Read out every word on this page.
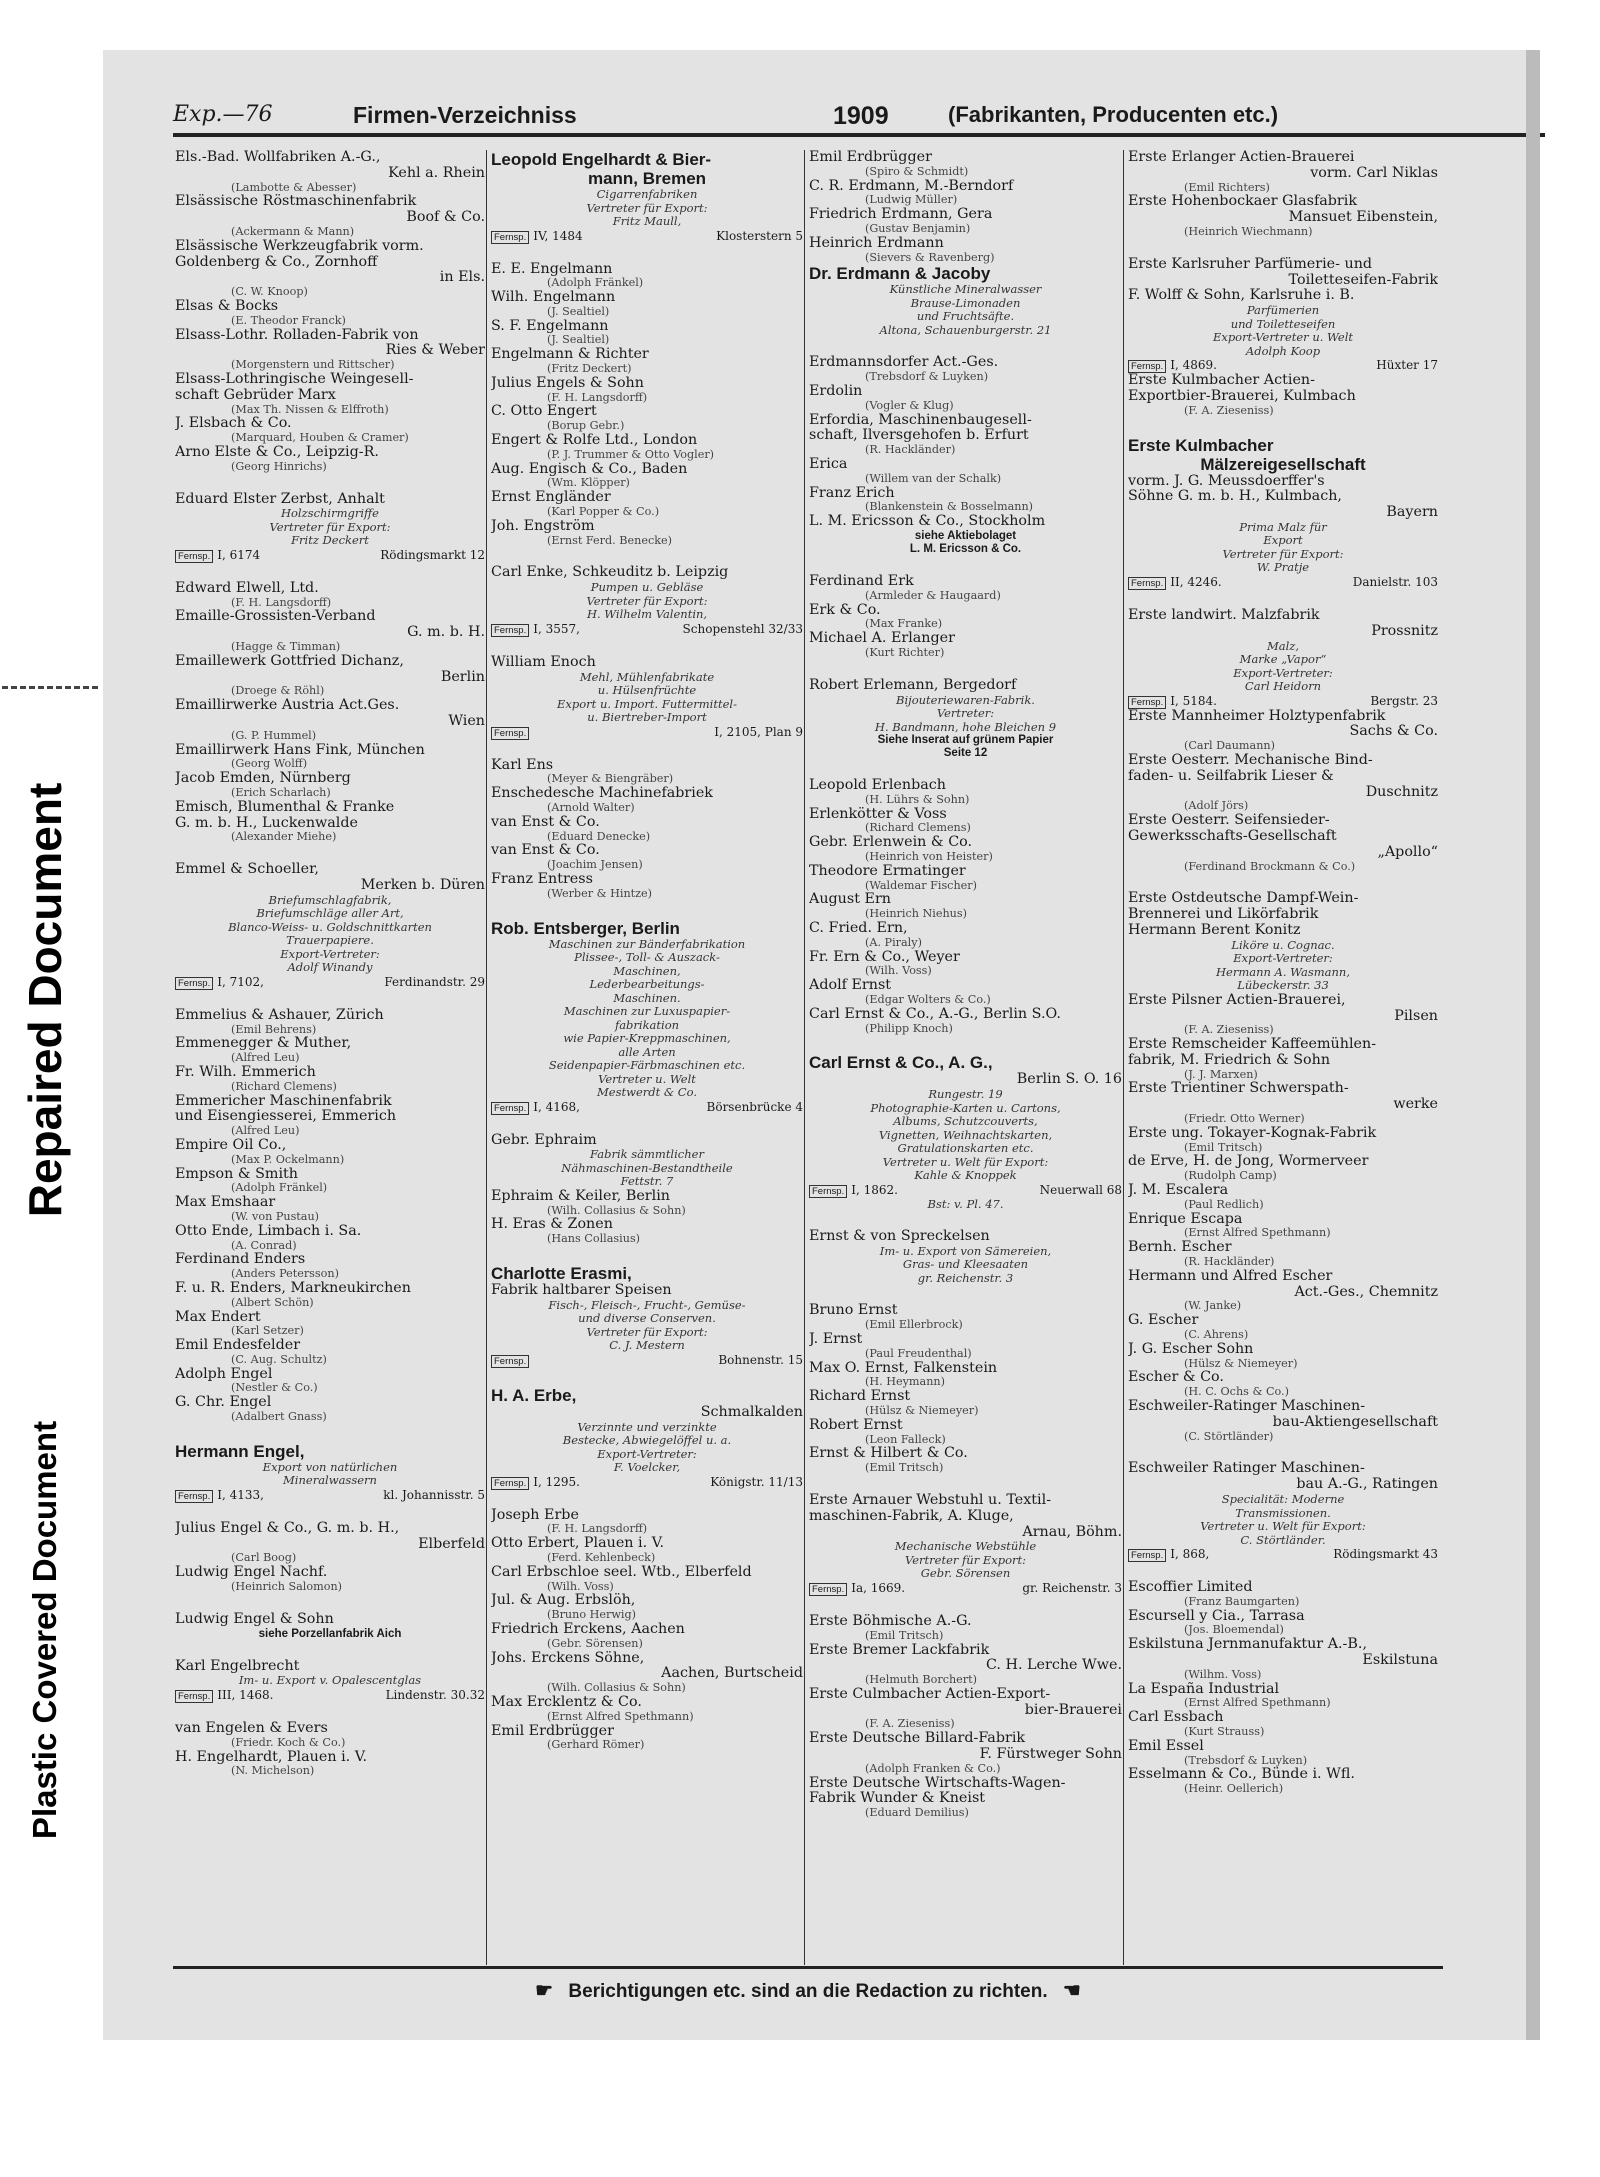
Repaired Document
Plastic Covered Document
Exp.—76	Firmen-Verzeichniss	1909	(Fabrikanten, Producenten etc.)
Els.-Bad. Wollfabriken A.-G.,
Kehl a. Rhein
(Lambotte & Abesser)
Elsässische Röstmaschinenfabrik
Boof & Co.
(Ackermann & Mann)
Elsässische Werkzeugfabrik vorm.
Goldenberg & Co., Zornhoff
in Els.
(C. W. Knoop)
Elsas & Bocks
(E. Theodor Franck)
Elsass-Lothr. Rolladen-Fabrik von
Ries & Weber
(Morgenstern und Rittscher)
Elsass-Lothringische Weingesell-
schaft Gebrüder Marx
(Max Th. Nissen & Elffroth)
J. Elsbach & Co.
(Marquard, Houben & Cramer)
Arno Elste & Co., Leipzig-R.
(Georg Hinrichs)
Eduard Elster Zerbst, Anhalt
Holzschirmgriffe
Vertreter für Export:
Fritz Deckert
Fernsp. I, 6174	Rödingsmarkt 12
Edward Elwell, Ltd.
(F. H. Langsdorff)
Emaille-Grossisten-Verband
G. m. b. H.
(Hagge & Timman)
Emaillewerk Gottfried Dichanz,
Berlin
(Droege & Röhl)
Emaillirwerke Austria Act.Ges.
Wien
(G. P. Hummel)
Emaillirwerk Hans Fink, München
(Georg Wolff)
Jacob Emden, Nürnberg
(Erich Scharlach)
Emisch, Blumenthal & Franke
G. m. b. H., Luckenwalde
(Alexander Miehe)
Emmel & Schoeller,
Merken b. Düren
Briefumschlagfabrik,
Briefumschläge aller Art,
Blanco-Weiss- u. Goldschnittkarten
Trauerpapiere.
Export-Vertreter:
Adolf Winandy
Fernsp. I, 7102,	Ferdinandstr. 29
Emmelius & Ashauer, Zürich
(Emil Behrens)
Emmenegger & Muther,
(Alfred Leu)
Fr. Wilh. Emmerich
(Richard Clemens)
Emmericher Maschinenfabrik
und Eisengiesserei, Emmerich
(Alfred Leu)
Empire Oil Co.,
(Max P. Ockelmann)
Empson & Smith
(Adolph Fränkel)
Max Emshaar
(W. von Pustau)
Otto Ende, Limbach i. Sa.
(A. Conrad)
Ferdinand Enders
(Anders Petersson)
F. u. R. Enders, Markneukirchen
(Albert Schön)
Max Endert
(Karl Setzer)
Emil Endesfelder
(C. Aug. Schultz)
Adolph Engel
(Nestler & Co.)
G. Chr. Engel
(Adalbert Gnass)
Hermann Engel,
Export von natürlichen
Mineralwassern
Fernsp. I, 4133,	kl. Johannisstr. 5
Julius Engel & Co., G. m. b. H.,
Elberfeld
(Carl Boog)
Ludwig Engel Nachf.
(Heinrich Salomon)
Ludwig Engel & Sohn
siehe Porzellanfabrik Aich
Karl Engelbrecht
Im- u. Export v. Opalescentglas
Fernsp. III, 1468.	Lindenstr. 30.32
van Engelen & Evers
(Friedr. Koch & Co.)
H. Engelhardt, Plauen i. V.
(N. Michelson)
Leopold Engelhardt & Bier-
mann, Bremen
Cigarrenfabriken
Vertreter für Export:
Fritz Maull,
Fernsp. IV, 1484	Klosterstern 5
E. E. Engelmann
(Adolph Fränkel)
Wilh. Engelmann
(J. Sealtiel)
S. F. Engelmann
(J. Sealtiel)
Engelmann & Richter
(Fritz Deckert)
Julius Engels & Sohn
(F. H. Langsdorff)
C. Otto Engert
(Borup Gebr.)
Engert & Rolfe Ltd., London
(P. J. Trummer & Otto Vogler)
Aug. Engisch & Co., Baden
(Wm. Klöpper)
Ernst Engländer
(Karl Popper & Co.)
Joh. Engström
(Ernst Ferd. Benecke)
Carl Enke, Schkeuditz b. Leipzig
Pumpen u. Gebläse
Vertreter für Export:
H. Wilhelm Valentin,
Fernsp. I, 3557,	Schopenstehl 32/33
William Enoch
Mehl, Mühlenfabrikate
u. Hülsenfrüchte
Export u. Import. Futtermittel-
u. Biertreber-Import
Fernsp.	I, 2105, Plan 9
Karl Ens
(Meyer & Biengräber)
Enschedesche Machinefabriek
(Arnold Walter)
van Enst & Co.
(Eduard Denecke)
van Enst & Co.
(Joachim Jensen)
Franz Entress
(Werber & Hintze)
Rob. Entsberger, Berlin
Maschinen zur Bänderfabrikation
Plissee-, Toll- & Auszack-
Maschinen,
Lederbearbeitungs-
Maschinen.
Maschinen zur Luxuspapier-
fabrikation
wie Papier-Kreppmaschinen,
alle Arten
Seidenpapier-Färbmaschinen etc.
Vertreter u. Welt
Mestwerdt & Co.
Fernsp. I, 4168,	Börsenbrücke 4
Gebr. Ephraim
Fabrik sämmtlicher
Nähmaschinen-Bestandtheile
Fettstr. 7
Ephraim & Keiler, Berlin
(Wilh. Collasius & Sohn)
H. Eras & Zonen
(Hans Collasius)
Charlotte Erasmi,
Fabrik haltbarer Speisen
Fisch-, Fleisch-, Frucht-, Gemüse-
und diverse Conserven.
Vertreter für Export:
C. J. Mestern
Fernsp.	Bohnenstr. 15
H. A. Erbe,
Schmalkalden
Verzinnte und verzinkte
Bestecke, Abwiegelöffel u. a.
Export-Vertreter:
F. Voelcker,
Fernsp. I, 1295.	Königstr. 11/13
Joseph Erbe
(F. H. Langsdorff)
Otto Erbert, Plauen i. V.
(Ferd. Kehlenbeck)
Carl Erbschloe seel. Wtb., Elberfeld
(Wilh. Voss)
Jul. & Aug. Erbslöh,
(Bruno Herwig)
Friedrich Erckens, Aachen
(Gebr. Sörensen)
Johs. Erckens Söhne,
Aachen, Burtscheid
(Wilh. Collasius & Sohn)
Max Ercklentz & Co.
(Ernst Alfred Spethmann)
Emil Erdbrügger
(Gerhard Römer)
Emil Erdbrügger
(Spiro & Schmidt)
C. R. Erdmann, M.-Berndorf
(Ludwig Müller)
Friedrich Erdmann, Gera
(Gustav Benjamin)
Heinrich Erdmann
(Sievers & Ravenberg)
Dr. Erdmann & Jacoby
Künstliche Mineralwasser
Brause-Limonaden
und Fruchtsäfte.
Altona, Schauenburgerstr. 21
Erdmannsdorfer Act.-Ges.
(Trebsdorf & Luyken)
Erdolin
(Vogler & Klug)
Erfordia, Maschinenbaugesell-
schaft, Ilversgehofen b. Erfurt
(R. Hackländer)
Erica
(Willem van der Schalk)
Franz Erich
(Blankenstein & Bosselmann)
L. M. Ericsson & Co., Stockholm
siehe Aktiebolaget
L. M. Ericsson & Co.
Ferdinand Erk
(Armleder & Haugaard)
Erk & Co.
(Max Franke)
Michael A. Erlanger
(Kurt Richter)
Robert Erlemann, Bergedorf
Bijouteriewaren-Fabrik.
Vertreter:
H. Bandmann, hohe Bleichen 9
Siehe Inserat auf grünem Papier
Seite 12
Leopold Erlenbach
(H. Lührs & Sohn)
Erlenkötter & Voss
(Richard Clemens)
Gebr. Erlenwein & Co.
(Heinrich von Heister)
Theodore Ermatinger
(Waldemar Fischer)
August Ern
(Heinrich Niehus)
C. Fried. Ern,
(A. Piraly)
Fr. Ern & Co., Weyer
(Wilh. Voss)
Adolf Ernst
(Edgar Wolters & Co.)
Carl Ernst & Co., A.-G., Berlin S.O.
(Philipp Knoch)
Carl Ernst & Co., A. G.,
Berlin S. O. 16
Rungestr. 19
Photographie-Karten u. Cartons,
Albums, Schutzcouverts,
Vignetten, Weihnachtskarten,
Gratulationskarten etc.
Vertreter u. Welt für Export:
Kahle & Knoppek
Fernsp. I, 1862.	Neuerwall 68
Bst: v. Pl. 47.
Ernst & von Spreckelsen
Im- u. Export von Sämereien,
Gras- und Kleesaaten
gr. Reichenstr. 3
Bruno Ernst
(Emil Ellerbrock)
J. Ernst
(Paul Freudenthal)
Max O. Ernst, Falkenstein
(H. Heymann)
Richard Ernst
(Hülsz & Niemeyer)
Robert Ernst
(Leon Falleck)
Ernst & Hilbert & Co.
(Emil Tritsch)
Erste Arnauer Webstuhl u. Textil-
maschinen-Fabrik, A. Kluge,
Arnau, Böhm.
Mechanische Webstühle
Vertreter für Export:
Gebr. Sörensen
Fernsp. Ia, 1669.	gr. Reichenstr. 3
Erste Böhmische A.-G.
(Emil Tritsch)
Erste Bremer Lackfabrik
C. H. Lerche Wwe.
(Helmuth Borchert)
Erste Culmbacher Actien-Export-
bier-Brauerei
(F. A. Zieseniss)
Erste Deutsche Billard-Fabrik
F. Fürstweger Sohn
(Adolph Franken & Co.)
Erste Deutsche Wirtschafts-Wagen-
Fabrik Wunder & Kneist
(Eduard Demilius)
Erste Erlanger Actien-Brauerei
vorm. Carl Niklas
(Emil Richters)
Erste Hohenbockaer Glasfabrik
Mansuet Eibenstein,
(Heinrich Wiechmann)
Erste Karlsruher Parfümerie- und
Toiletteseifen-Fabrik
F. Wolff & Sohn, Karlsruhe i. B.
Parfümerien
und Toiletteseifen
Export-Vertreter u. Welt
Adolph Koop
Fernsp. I, 4869.	Hüxter 17
Erste Kulmbacher Actien-
Exportbier-Brauerei, Kulmbach
(F. A. Zieseniss)
Erste Kulmbacher
Mälzereigesellschaft
vorm. J. G. Meussdoerffer's
Söhne G. m. b. H., Kulmbach,
Bayern
Prima Malz für
Export
Vertreter für Export:
W. Pratje
Fernsp. II, 4246.	Danielstr. 103
Erste landwirt. Malzfabrik
Prossnitz
Malz,
Marke „Vapor“
Export-Vertreter:
Carl Heidorn
Fernsp. I, 5184.	Bergstr. 23
Erste Mannheimer Holztypenfabrik
Sachs & Co.
(Carl Daumann)
Erste Oesterr. Mechanische Bind-
faden- u. Seilfabrik Lieser &
Duschnitz
(Adolf Jörs)
Erste Oesterr. Seifensieder-
Gewerksschafts-Gesellschaft
„Apollo“
(Ferdinand Brockmann & Co.)
Erste Ostdeutsche Dampf-Wein-
Brennerei und Likörfabrik
Hermann Berent Konitz
Liköre u. Cognac.
Export-Vertreter:
Hermann A. Wasmann,
Lübeckerstr. 33
Erste Pilsner Actien-Brauerei,
Pilsen
(F. A. Zieseniss)
Erste Remscheider Kaffeemühlen-
fabrik, M. Friedrich & Sohn
(J. J. Marxen)
Erste Trientiner Schwerspath-
werke
(Friedr. Otto Werner)
Erste ung. Tokayer-Kognak-Fabrik
(Emil Tritsch)
de Erve, H. de Jong, Wormerveer
(Rudolph Camp)
J. M. Escalera
(Paul Redlich)
Enrique Escapa
(Ernst Alfred Spethmann)
Bernh. Escher
(R. Hackländer)
Hermann und Alfred Escher
Act.-Ges., Chemnitz
(W. Janke)
G. Escher
(C. Ahrens)
J. G. Escher Sohn
(Hülsz & Niemeyer)
Escher & Co.
(H. C. Ochs & Co.)
Eschweiler-Ratinger Maschinen-
bau-Aktiengesellschaft
(C. Störtländer)
Eschweiler Ratinger Maschinen-
bau A.-G., Ratingen
Specialität: Moderne
Transmissionen.
Vertreter u. Welt für Export:
C. Störtländer.
Fernsp. I, 868,	Rödingsmarkt 43
Escoffier Limited
(Franz Baumgarten)
Escursell y Cia., Tarrasa
(Jos. Bloemendal)
Eskilstuna Jernmanufaktur A.-B.,
Eskilstuna
(Wilhm. Voss)
La España Industrial
(Ernst Alfred Spethmann)
Carl Essbach
(Kurt Strauss)
Emil Essel
(Trebsdorf & Luyken)
Esselmann & Co., Bünde i. Wfl.
(Heinr. Oellerich)
☛ Berichtigungen etc. sind an die Redaction zu richten. ☚
